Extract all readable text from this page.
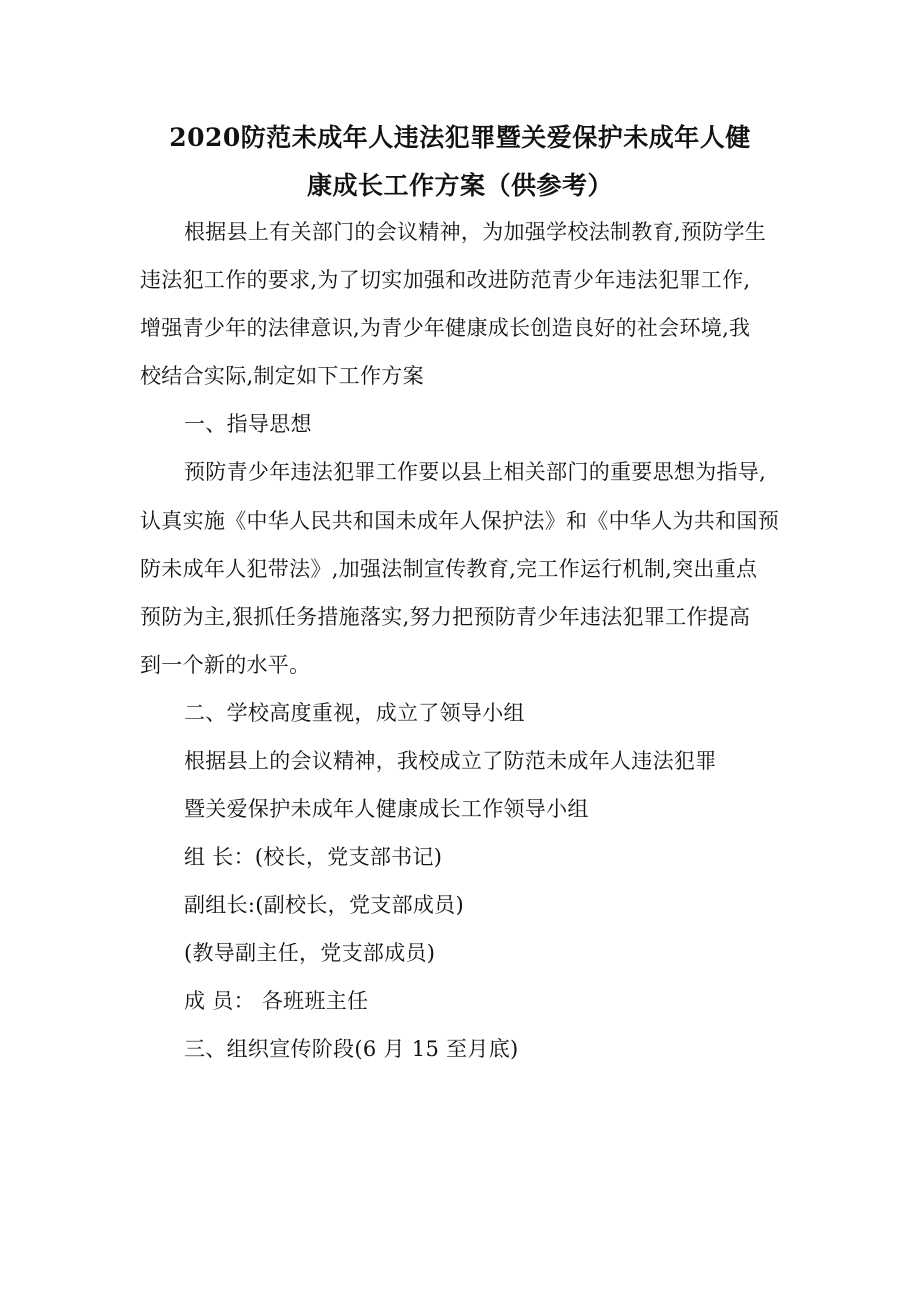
2020防范未成年人违法犯罪暨关爱保护未成年人健
康成长工作方案（供参考）
根据县上有关部门的会议精神，为加强学校法制教育,预防学生
违法犯工作的要求,为了切实加强和改进防范青少年违法犯罪工作,
增强青少年的法律意识,为青少年健康成长创造良好的社会环境,我
校结合实际,制定如下工作方案
一、指导思想
预防青少年违法犯罪工作要以县上相关部门的重要思想为指导,
认真实施《中华人民共和国未成年人保护法》和《中华人为共和国预
防未成年人犯带法》,加强法制宣传教育,完工作运行机制,突出重点
预防为主,狠抓任务措施落实,努力把预防青少年违法犯罪工作提高
到一个新的水平。
二、学校高度重视，成立了领导小组
根据县上的会议精神，我校成立了防范未成年人违法犯罪
暨关爱保护未成年人健康成长工作领导小组
组 长：(校长，党支部书记)
副组长:(副校长，党支部成员)
(教导副主任，党支部成员)
成 员： 各班班主任
三、组织宣传阶段(6 月 15 至月底)
